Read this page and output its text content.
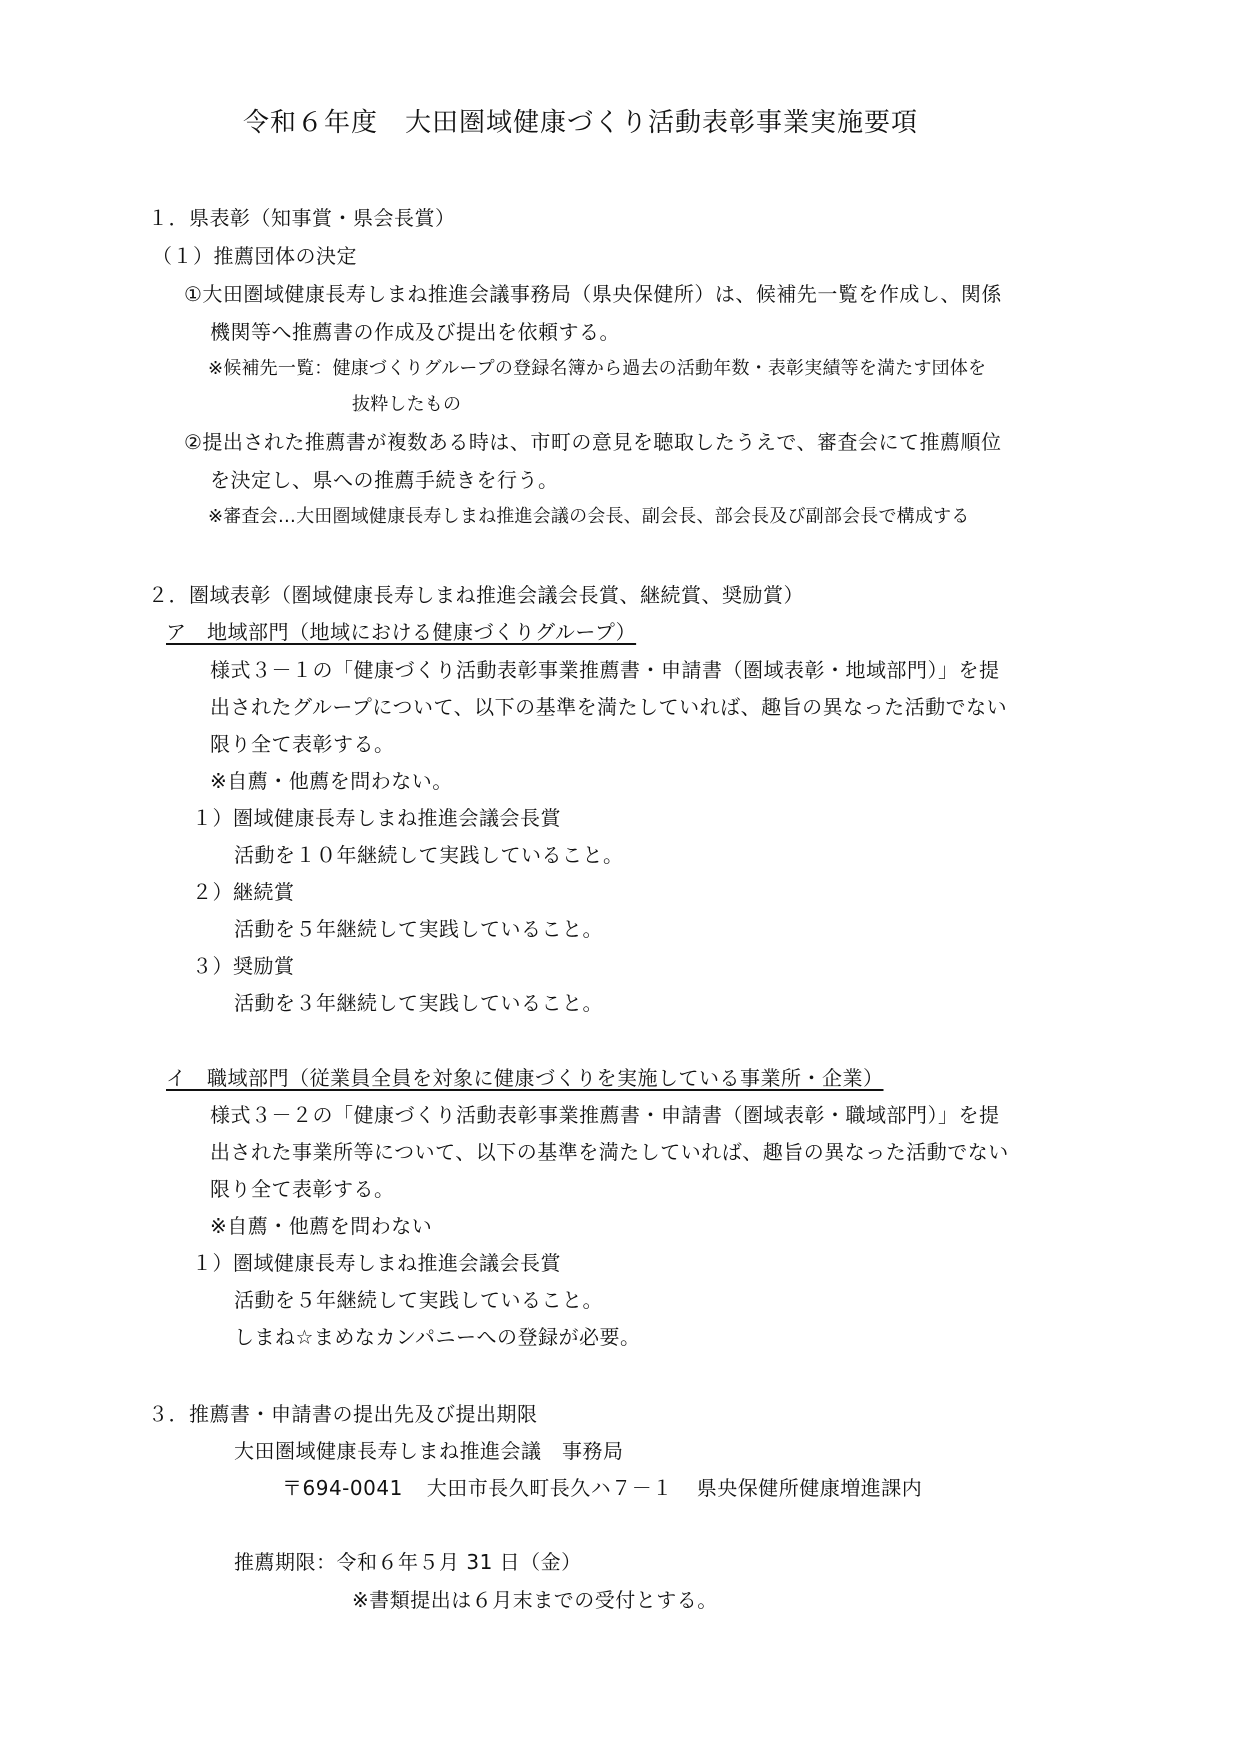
令和６年度　大田圏域健康づくり活動表彰事業実施要項

１．県表彰（知事賞・県会長賞）

（１）推薦団体の決定

①大田圏域健康長寿しまね推進会議事務局（県央保健所）は、候補先一覧を作成し、関係

機関等へ推薦書の作成及び提出を依頼する。

※候補先一覧：健康づくりグループの登録名簿から過去の活動年数・表彰実績等を満たす団体を

抜粋したもの

②提出された推薦書が複数ある時は、市町の意見を聴取したうえで、審査会にて推薦順位

を決定し、県への推薦手続きを行う。

※審査会…大田圏域健康長寿しまね推進会議の会長、副会長、部会長及び副部会長で構成する

２．圏域表彰（圏域健康長寿しまね推進会議会長賞、継続賞、奨励賞）

ア　地域部門（地域における健康づくりグループ）

様式３－１の「健康づくり活動表彰事業推薦書・申請書（圏域表彰・地域部門）」を提

出されたグループについて、以下の基準を満たしていれば、趣旨の異なった活動でない

限り全て表彰する。

※自薦・他薦を問わない。

１）圏域健康長寿しまね推進会議会長賞

活動を１０年継続して実践していること。

２）継続賞

活動を５年継続して実践していること。

３）奨励賞

活動を３年継続して実践していること。

イ　職域部門（従業員全員を対象に健康づくりを実施している事業所・企業）

様式３－２の「健康づくり活動表彰事業推薦書・申請書（圏域表彰・職域部門）」を提

出された事業所等について、以下の基準を満たしていれば、趣旨の異なった活動でない

限り全て表彰する。

※自薦・他薦を問わない

１）圏域健康長寿しまね推進会議会長賞

活動を５年継続して実践していること。

しまね☆まめなカンパニーへの登録が必要。

３．推薦書・申請書の提出先及び提出期限

大田圏域健康長寿しまね推進会議　事務局

〒694-0041 大田市長久町長久ハ７－１ 県央保健所健康増進課内

推薦期限：令和６年５月 31 日（金）

※書類提出は６月末までの受付とする。
